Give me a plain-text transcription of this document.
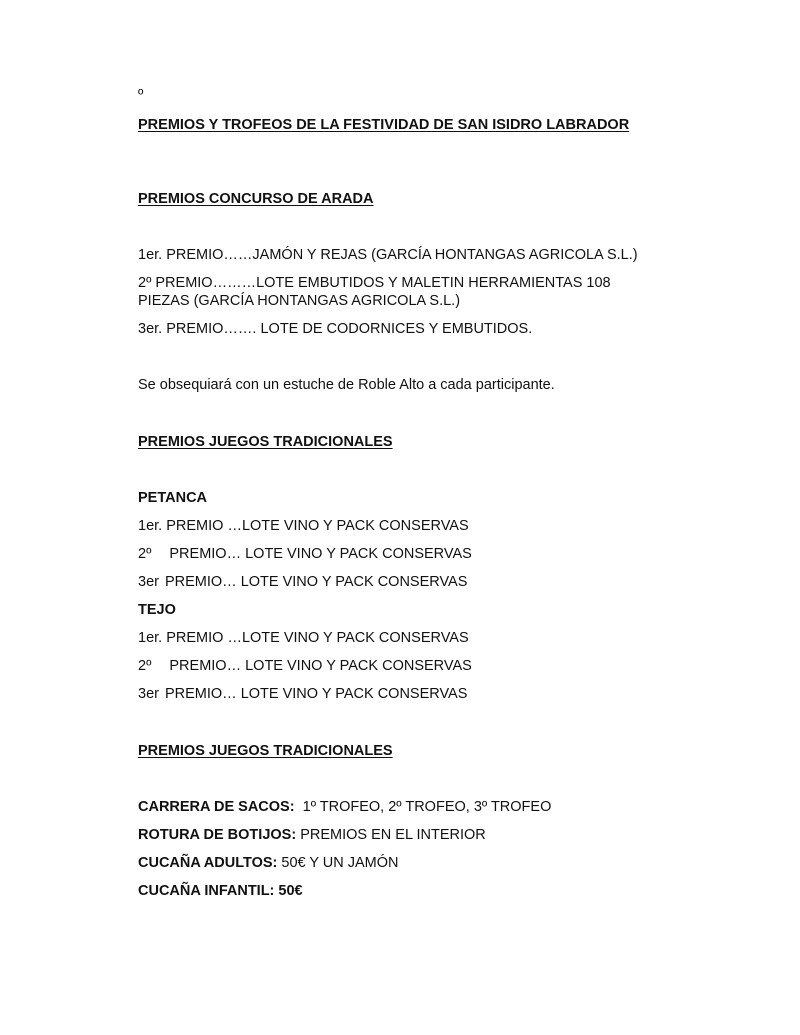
º
PREMIOS Y TROFEOS DE LA FESTIVIDAD DE SAN ISIDRO LABRADOR
PREMIOS CONCURSO DE ARADA
1er. PREMIO……JAMÓN Y REJAS (GARCÍA HONTANGAS AGRICOLA S.L.)
2º PREMIO………LOTE EMBUTIDOS Y MALETIN HERRAMIENTAS 108
PIEZAS (GARCÍA HONTANGAS AGRICOLA S.L.)
3er. PREMIO……. LOTE DE CODORNICES Y EMBUTIDOS.
Se obsequiará con un estuche de Roble Alto a cada participante.
PREMIOS JUEGOS TRADICIONALES
PETANCA
1er. PREMIO …LOTE VINO Y PACK CONSERVAS
2º PREMIO… LOTE VINO Y PACK CONSERVAS
3er PREMIO… LOTE VINO Y PACK CONSERVAS
TEJO
1er. PREMIO …LOTE VINO Y PACK CONSERVAS
2º PREMIO… LOTE VINO Y PACK CONSERVAS
3er PREMIO… LOTE VINO Y PACK CONSERVAS
PREMIOS JUEGOS TRADICIONALES
CARRERA DE SACOS: 1º TROFEO, 2º TROFEO, 3º TROFEO
ROTURA DE BOTIJOS: PREMIOS EN EL INTERIOR
CUCAÑA ADULTOS: 50€ Y UN JAMÓN
CUCAÑA INFANTIL: 50€
